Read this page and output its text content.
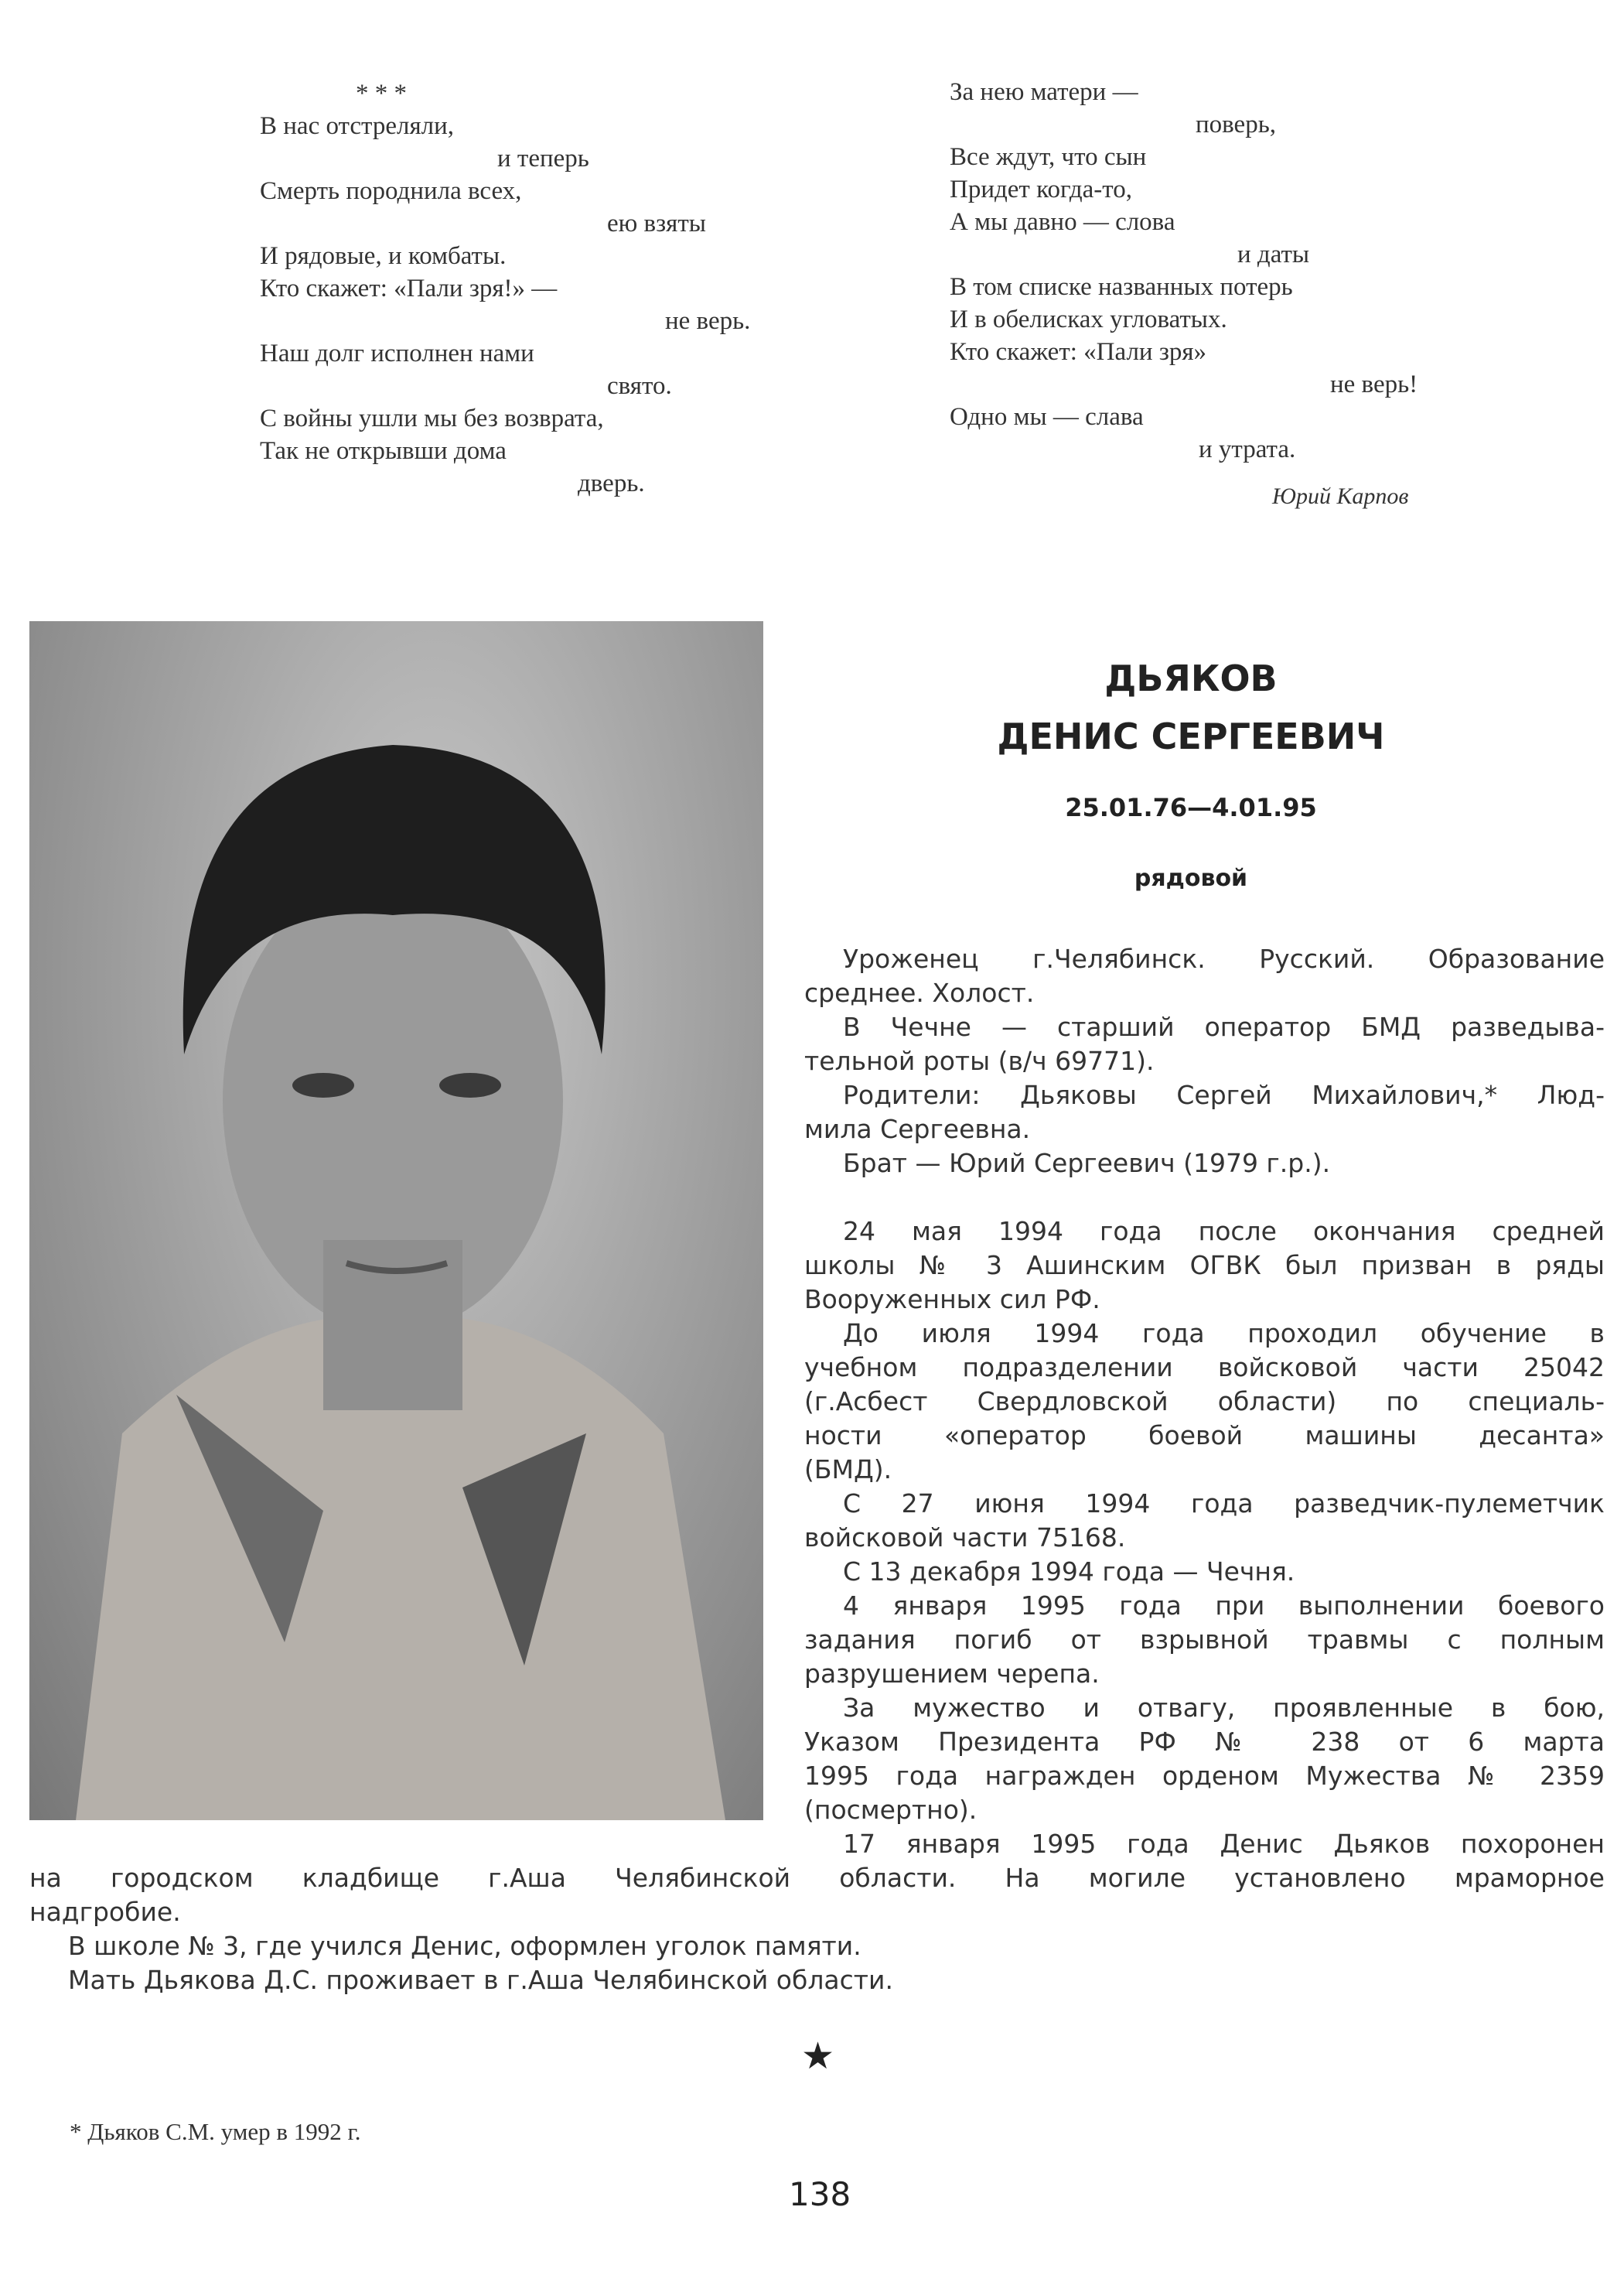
* * *
В нас отстреляли,
и теперь
Смерть породнила всех,
ею взяты
И рядовые, и комбаты.
Кто скажет: «Пали зря!» —
не верь.
Наш долг исполнен нами
свято.
С войны ушли мы без возврата,
Так не открывши дома
дверь.
За нею матери —
поверь,
Все ждут, что сын
Придет когда-то,
А мы давно — слова
и даты
В том списке названных потерь
И в обелисках угловатых.
Кто скажет: «Пали зря»
не верь!
Одно мы — слава
и утрата.
Юрий Карпов
ДЬЯКОВ
ДЕНИС СЕРГЕЕВИЧ
25.01.76—4.01.95
рядовой
Уроженец г.Челябинск. Русский. Образование
среднее. Холост.
В Чечне — старший оператор БМД разведыва-
тельной роты (в/ч 69771).
Родители: Дьяковы Сергей Михайлович,* Люд-
мила Сергеевна.
Брат — Юрий Сергеевич (1979 г.р.).
24 мая 1994 года после окончания средней
школы № 3 Ашинским ОГВК был призван в ряды
Вооруженных сил РФ.
До июля 1994 года проходил обучение в
учебном подразделении войсковой части 25042
(г.Асбест Свердловской области) по специаль-
ности «оператор боевой машины десанта»
(БМД).
С 27 июня 1994 года разведчик-пулеметчик
войсковой части 75168.
С 13 декабря 1994 года — Чечня.
4 января 1995 года при выполнении боевого
задания погиб от взрывной травмы с полным
разрушением черепа.
За мужество и отвагу, проявленные в бою,
Указом Президента РФ № 238 от 6 марта
1995 года награжден орденом Мужества № 2359
(посмертно).
17 января 1995 года Денис Дьяков похоронен
на городском кладбище г.Аша Челябинской области. На могиле установлено мраморное
надгробие.
В школе № 3, где учился Денис, оформлен уголок памяти.
Мать Дьякова Д.С. проживает в г.Аша Челябинской области.
★
* Дьяков С.М. умер в 1992 г.
138
